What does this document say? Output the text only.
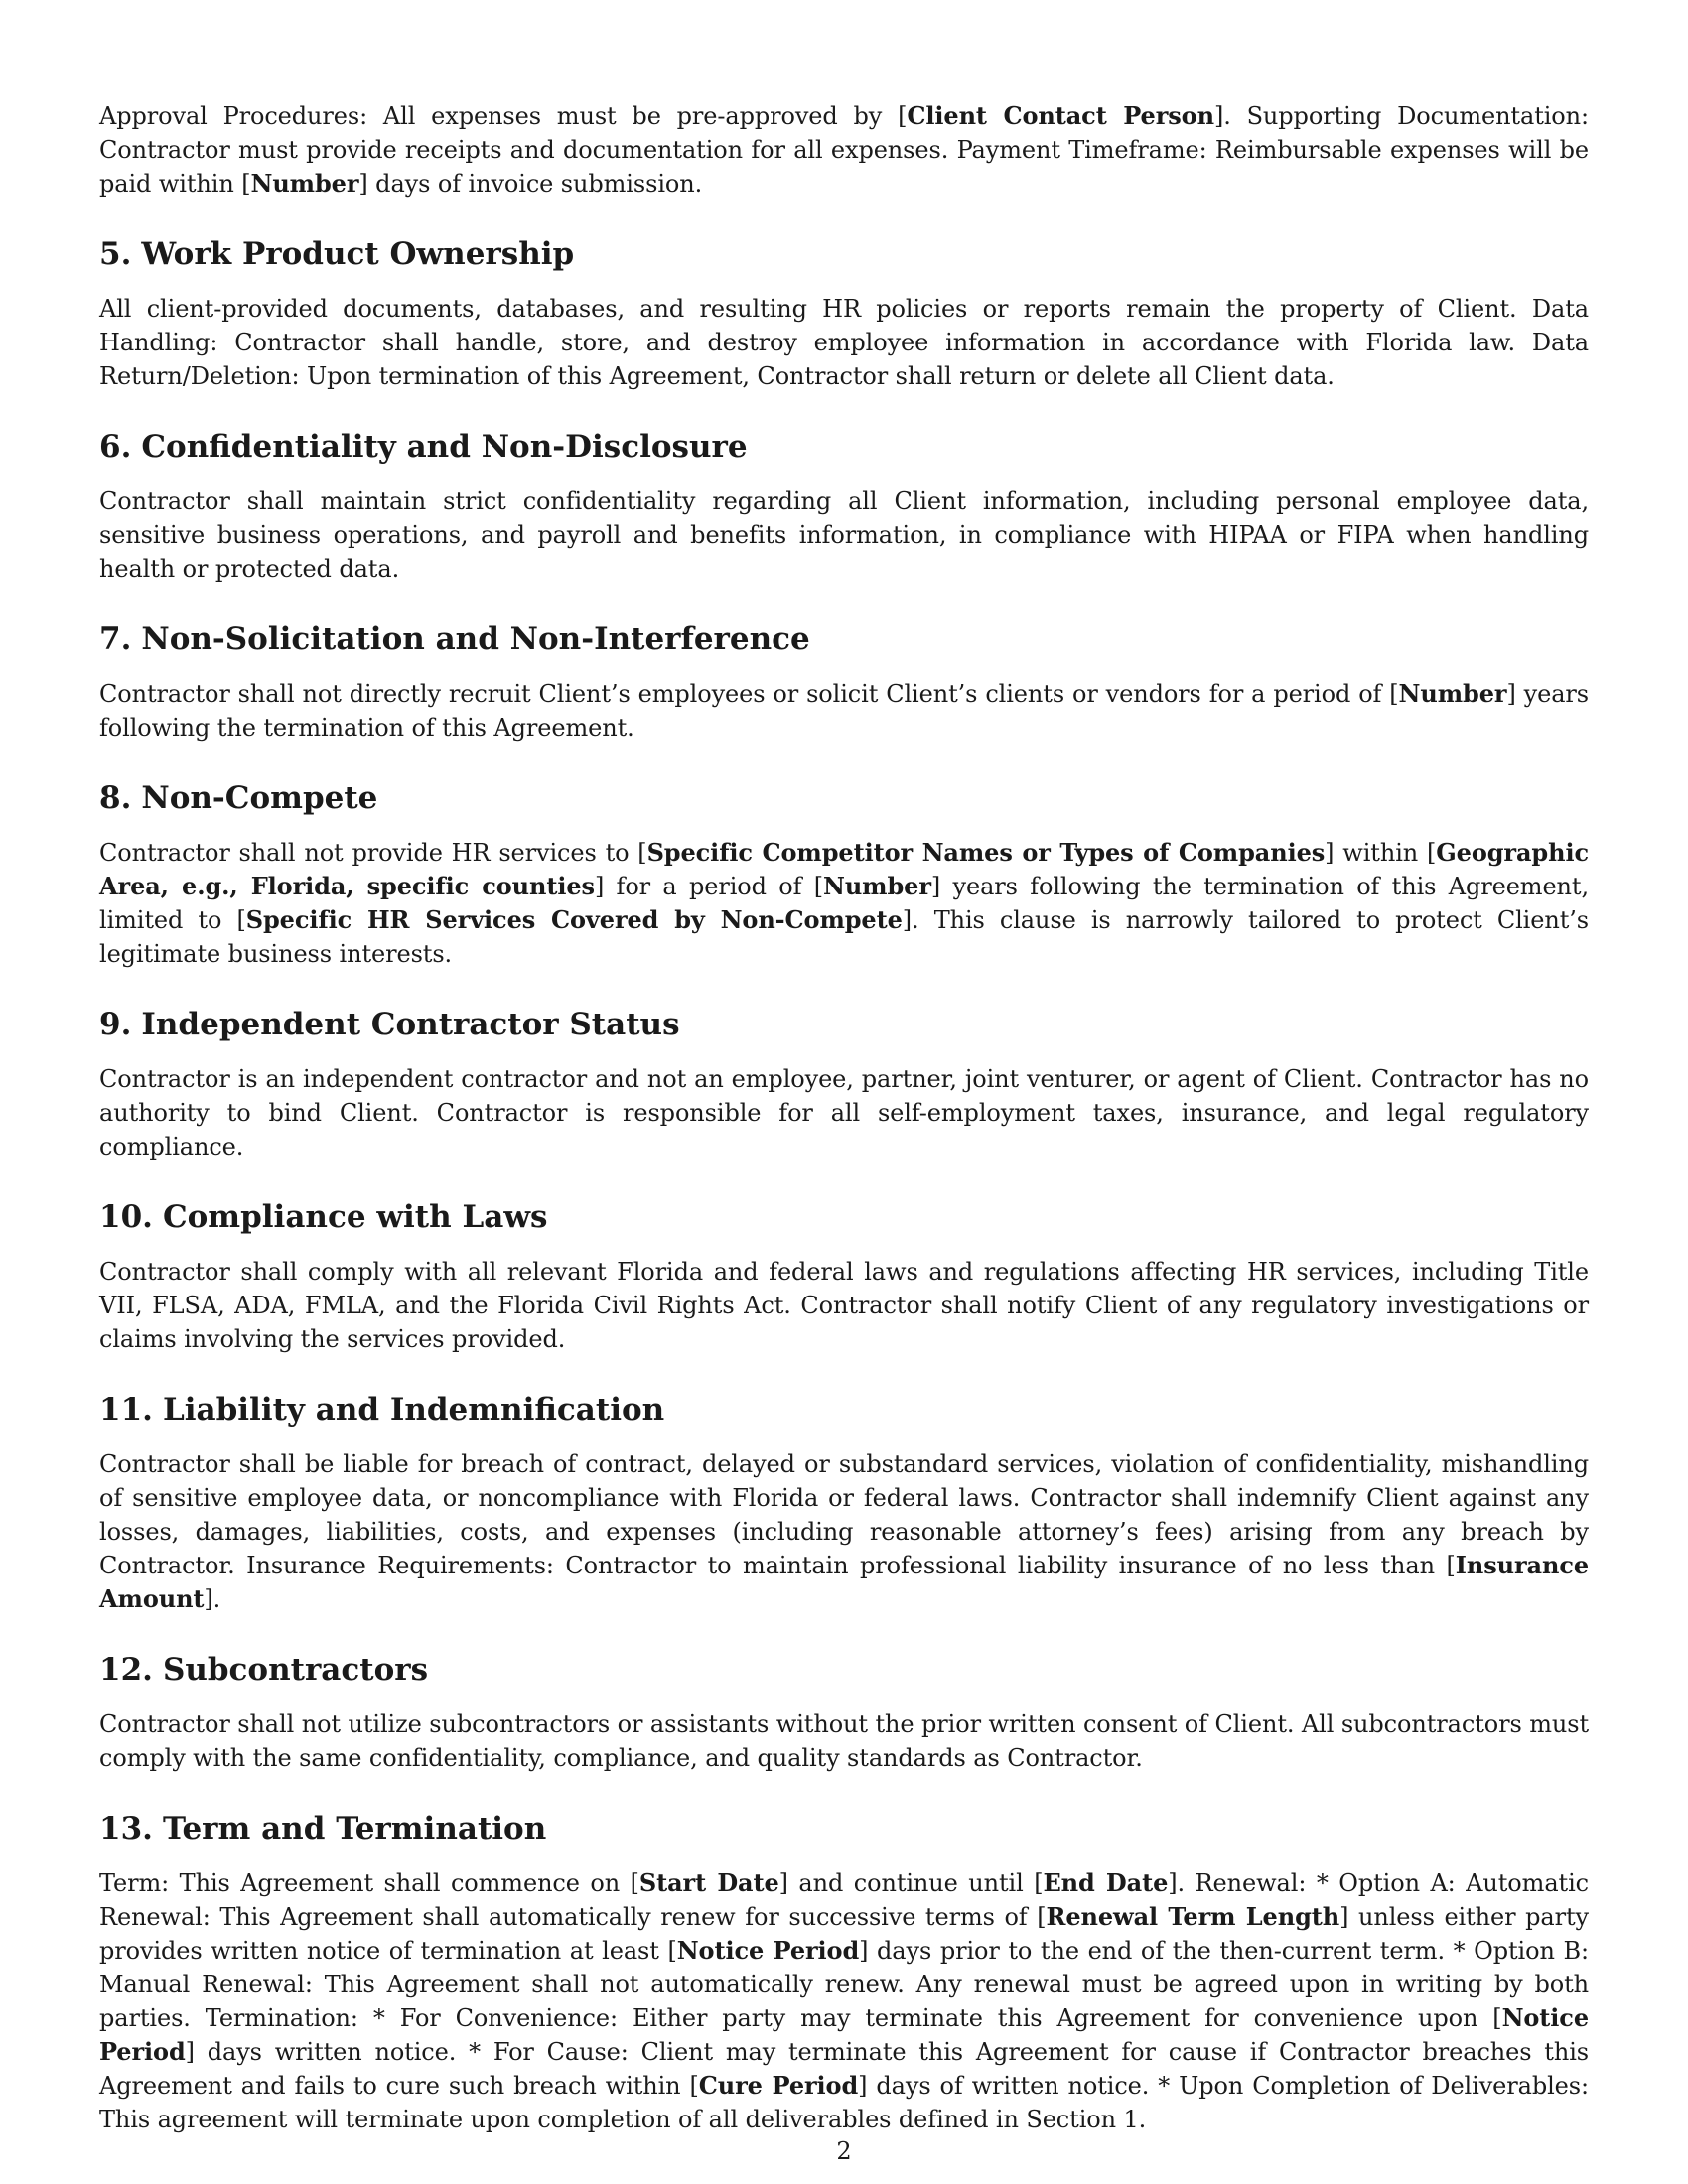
Approval Procedures: All expenses must be pre-approved by [Client Contact Person]. Supporting Documentation: Contractor must provide receipts and documentation for all expenses. Payment Timeframe: Reimbursable expenses will be paid within [Number] days of invoice submission.

5. Work Product Ownership

All client-provided documents, databases, and resulting HR policies or reports remain the property of Client. Data Handling: Contractor shall handle, store, and destroy employee information in accordance with Florida law. Data Return/Deletion: Upon termination of this Agreement, Contractor shall return or delete all Client data.

6. Confidentiality and Non-Disclosure

Contractor shall maintain strict confidentiality regarding all Client information, including personal employee data, sensitive business operations, and payroll and benefits information, in compliance with HIPAA or FIPA when handling health or protected data.

7. Non-Solicitation and Non-Interference

Contractor shall not directly recruit Client’s employees or solicit Client’s clients or vendors for a period of [Number] years following the termination of this Agreement.

8. Non-Compete

Contractor shall not provide HR services to [Specific Competitor Names or Types of Companies] within [Geographic Area, e.g., Florida, specific counties] for a period of [Number] years following the termination of this Agreement, limited to [Specific HR Services Covered by Non-Compete]. This clause is narrowly tailored to protect Client’s legitimate business interests.

9. Independent Contractor Status

Contractor is an independent contractor and not an employee, partner, joint venturer, or agent of Client. Contractor has no authority to bind Client. Contractor is responsible for all self-employment taxes, insurance, and legal regulatory compliance.

10. Compliance with Laws

Contractor shall comply with all relevant Florida and federal laws and regulations affecting HR services, including Title VII, FLSA, ADA, FMLA, and the Florida Civil Rights Act. Contractor shall notify Client of any regulatory investigations or claims involving the services provided.

11. Liability and Indemnification

Contractor shall be liable for breach of contract, delayed or substandard services, violation of confidentiality, mishandling of sensitive employee data, or noncompliance with Florida or federal laws. Contractor shall indemnify Client against any losses, damages, liabilities, costs, and expenses (including reasonable attorney’s fees) arising from any breach by Contractor. Insurance Requirements: Contractor to maintain professional liability insurance of no less than [Insurance Amount].

12. Subcontractors

Contractor shall not utilize subcontractors or assistants without the prior written consent of Client. All subcontractors must comply with the same confidentiality, compliance, and quality standards as Contractor.

13. Term and Termination

Term: This Agreement shall commence on [Start Date] and continue until [End Date]. Renewal: * Option A: Automatic Renewal: This Agreement shall automatically renew for successive terms of [Renewal Term Length] unless either party provides written notice of termination at least [Notice Period] days prior to the end of the then-current term. * Option B: Manual Renewal: This Agreement shall not automatically renew. Any renewal must be agreed upon in writing by both parties. Termination: * For Convenience: Either party may terminate this Agreement for convenience upon [Notice Period] days written notice. * For Cause: Client may terminate this Agreement for cause if Contractor breaches this Agreement and fails to cure such breach within [Cure Period] days of written notice. * Upon Completion of Deliverables: This agreement will terminate upon completion of all deliverables defined in Section 1.

2
